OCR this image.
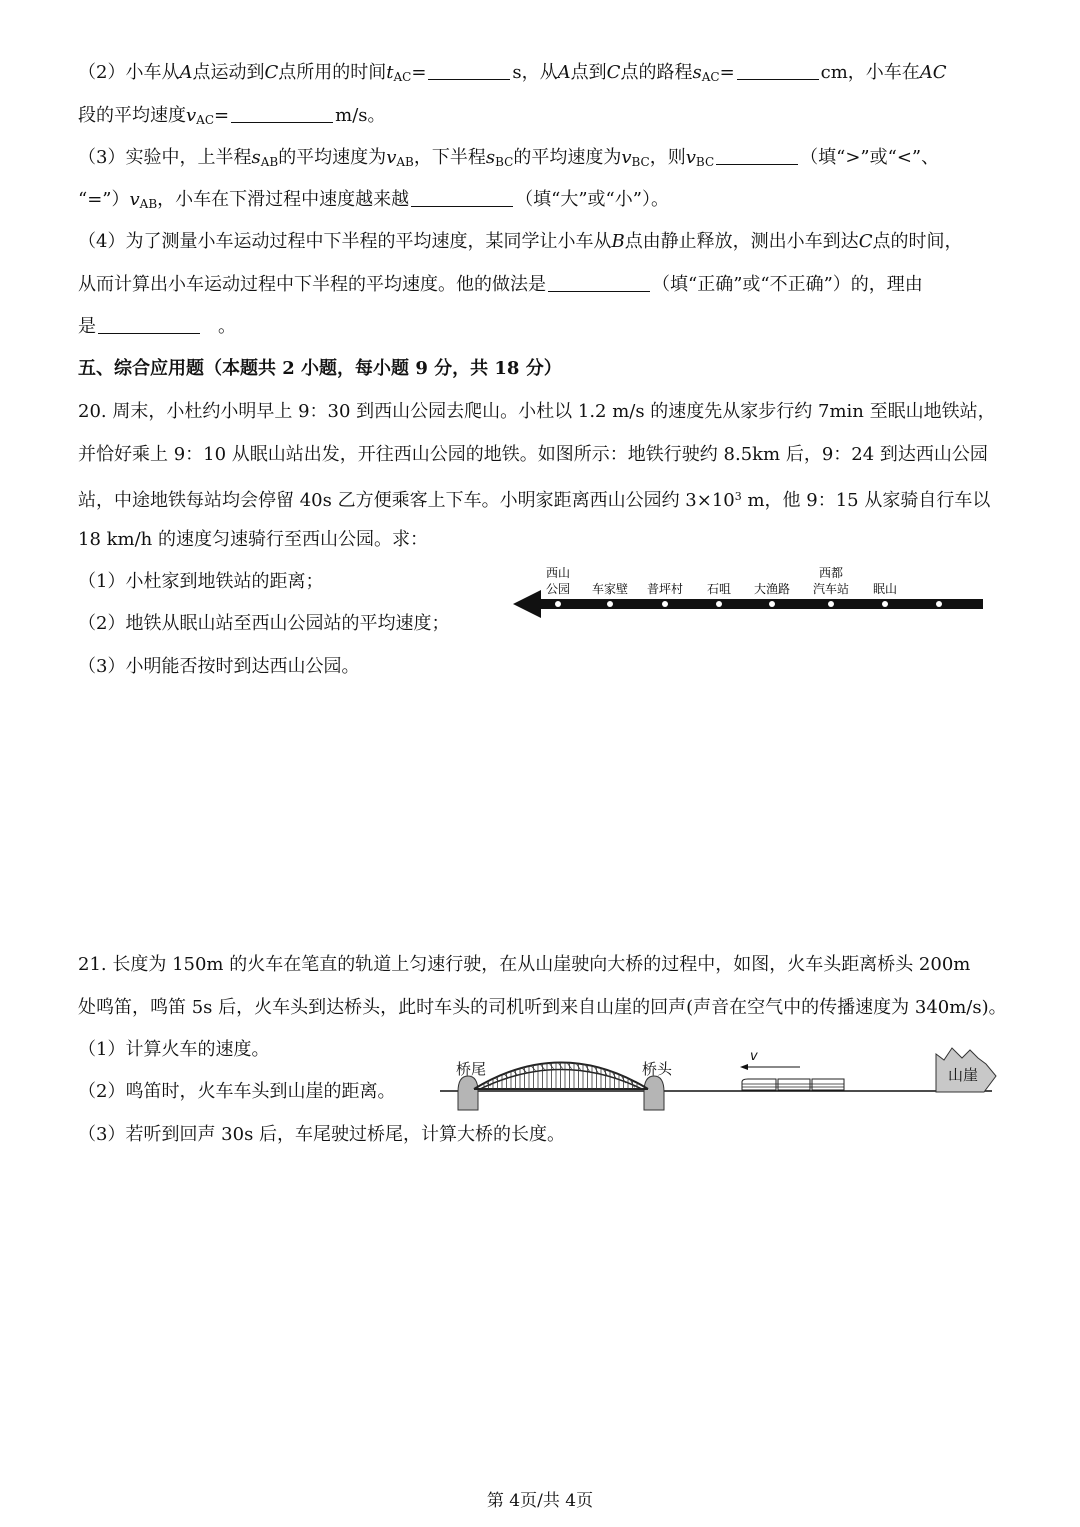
（2）小车从A点运动到C点所用的时间$t_{AC}=$	s，从A点到C点的路程$s_{AC}=$	cm，小车在AC
段的平均速度$v_{AC}=$	m/s。
（3）实验中，上半程$s_{AB}$的平均速度为$v_{AB}$，下半程$s_{BC}$的平均速度为$v_{BC}$，则$v_{BC}$	（填“>”或“<”、
“$=”)v_{AB}$，小车在下滑过程中速度越来越	（填“大”或“小”）。
（4）为了测量小车运动过程中下半程的平均速度，某同学让小车从B点由静止释放，测出小车到达C点的时间，
从而计算出小车运动过程中下半程的平均速度。他的做法是	（填“正确”或“不正确”）的，理由
是	。
五、综合应用题（本题共 2 小题，每小题 9 分，共 18 分）
20. 周末，小杜约小明早上 9：30 到西山公园去爬山。小杜以 1.2 m/s 的速度先从家步行约 7min 至眠山地铁站，
并恰好乘上 9：10 从眠山站出发，开往西山公园的地铁。如图所示：地铁行驶约 8.5km 后，9：24 到达西山公园
站，中途地铁每站均会停留 40s 乙方便乘客上下车。小明家距离西山公园约 $3\times 10^3$ m，他 9：15 从家骑自行车以
18 km/h 的速度匀速骑行至西山公园。求：
（1）小杜家到地铁站的距离；
（2）地铁从眠山站至西山公园站的平均速度；
（3）小明能否按时到达西山公园。
西山
公园 车家壁 普坪村 石咀 大渔路
西都
汽车站 眠山
21. 长度为 150m 的火车在笔直的轨道上匀速行驶，在从山崖驶向大桥的过程中，如图，火车头距离桥头 200m
处鸣笛，鸣笛 5s 后，火车头到达桥头，此时车头的司机听到来自山崖的回声(声音在空气中的传播速度为 340m/s)。
（1）计算火车的速度。
（2）鸣笛时，火车车头到山崖的距离。
（3）若听到回声 30s 后，车尾驶过桥尾，计算大桥的长度。
桥尾	桥头
v
山崖
第 4页/共 4页
